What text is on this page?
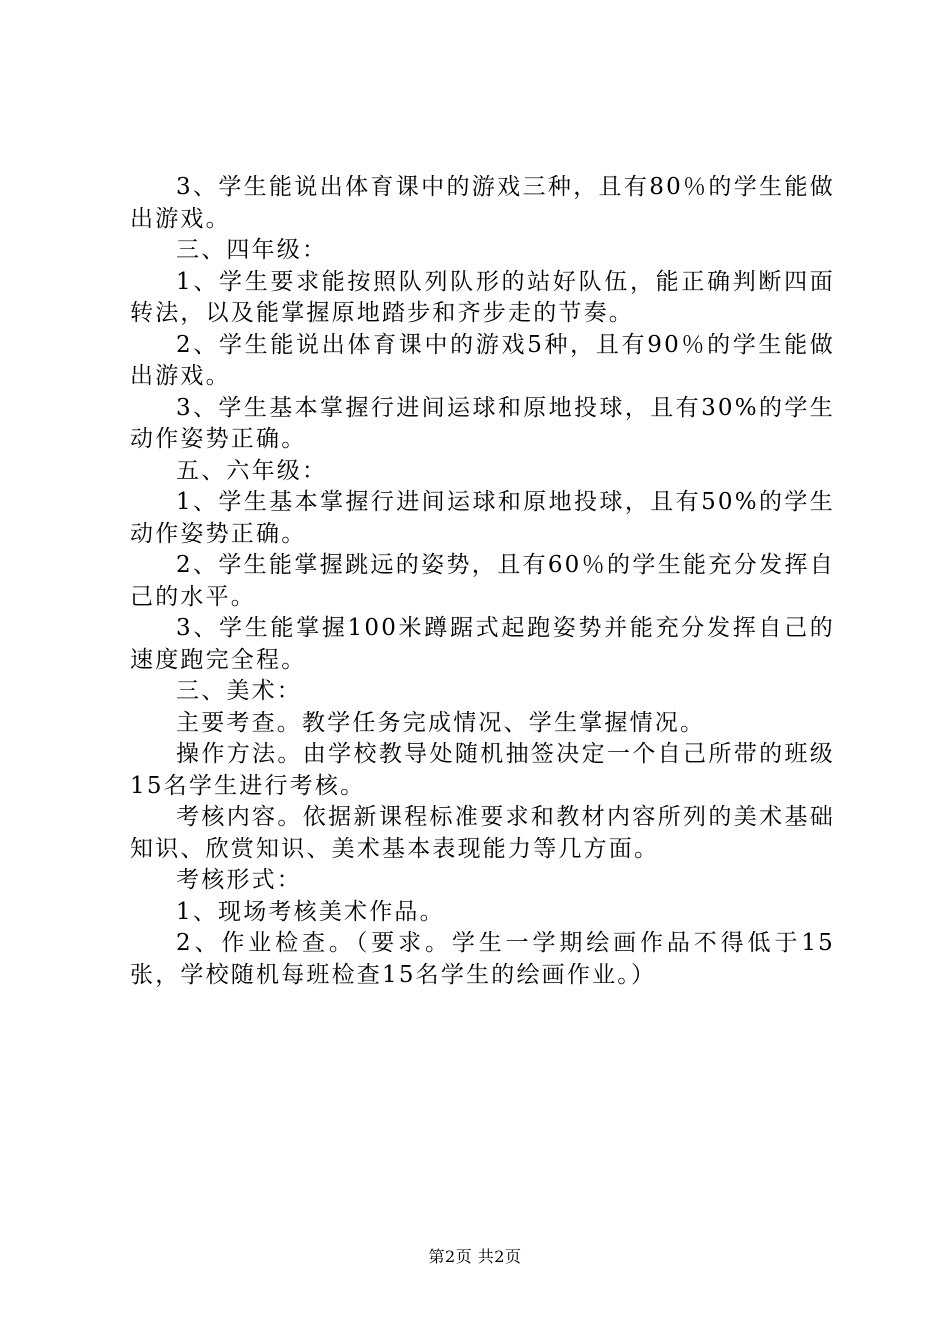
3、学生能说出体育课中的游戏三种，且有80％的学生能做出游戏。

三、四年级：

1、学生要求能按照队列队形的站好队伍，能正确判断四面转法，以及能掌握原地踏步和齐步走的节奏。

2、学生能说出体育课中的游戏5种，且有90％的学生能做出游戏。

3、学生基本掌握行进间运球和原地投球，且有30%的学生动作姿势正确。

五、六年级：

1、学生基本掌握行进间运球和原地投球，且有50%的学生动作姿势正确。

2、学生能掌握跳远的姿势，且有60％的学生能充分发挥自己的水平。

3、学生能掌握100米蹲踞式起跑姿势并能充分发挥自己的速度跑完全程。

三、美术：

主要考查。教学任务完成情况、学生掌握情况。

操作方法。由学校教导处随机抽签决定一个自己所带的班级15名学生进行考核。

考核内容。依据新课程标准要求和教材内容所列的美术基础知识、欣赏知识、美术基本表现能力等几方面。

考核形式：

1、现场考核美术作品。

2、作业检查。（要求。学生一学期绘画作品不得低于15张，学校随机每班检查15名学生的绘画作业。）

第2页 共2页
